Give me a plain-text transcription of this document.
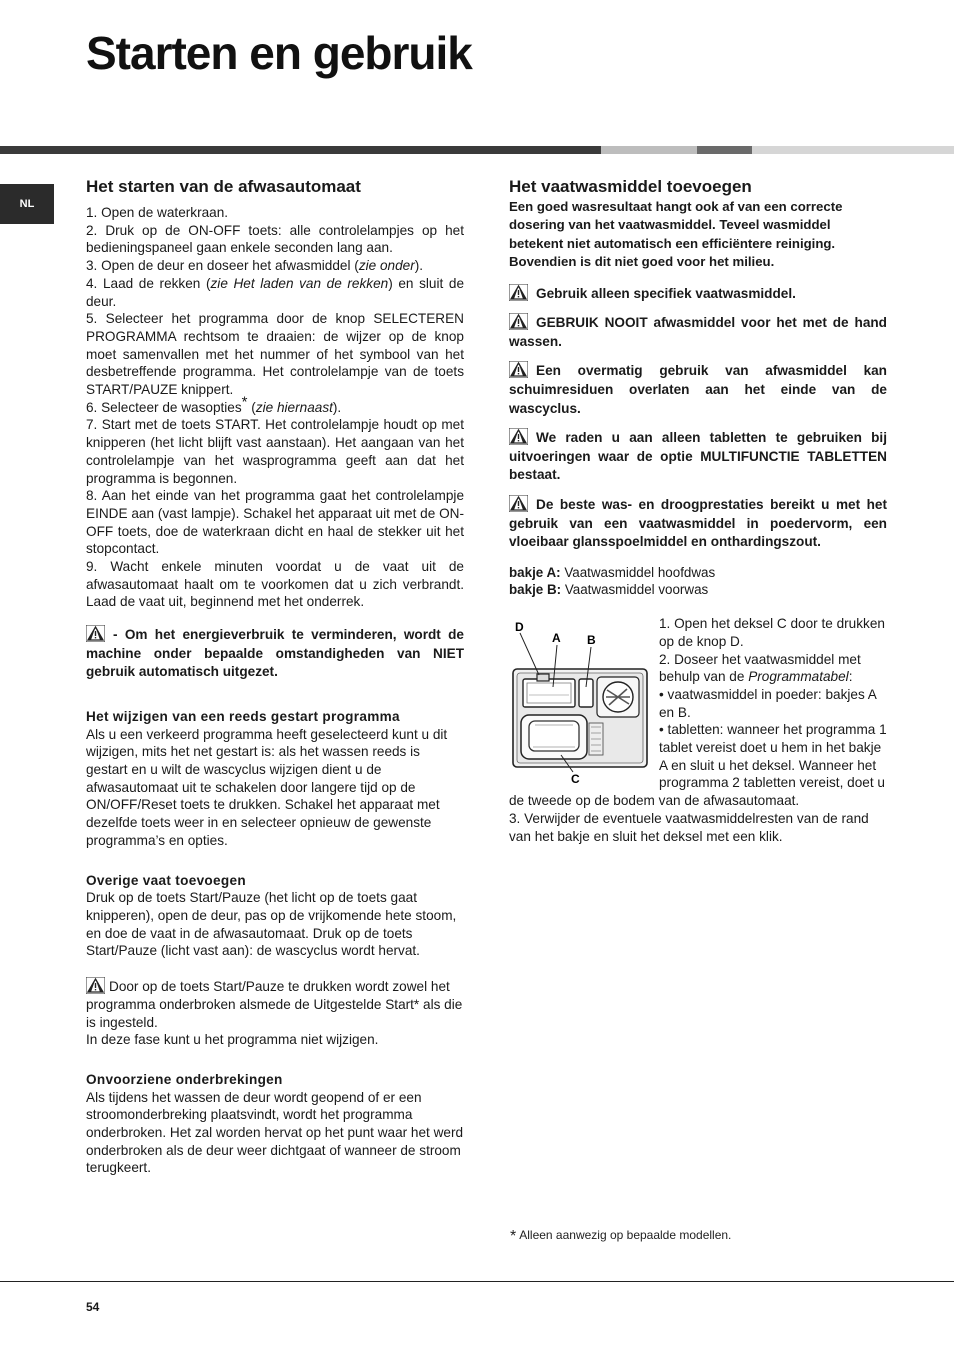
Starten en gebruik
NL
Het starten van de afwasautomaat

1. Open de waterkraan.

2. Druk op de ON-OFF toets: alle controlelampjes op het bedieningspaneel gaan enkele seconden lang aan.

3. Open de deur en doseer het afwasmiddel (zie onder).

4. Laad de rekken (zie Het laden van de rekken) en sluit de deur.

5. Selecteer het programma door de knop SELECTEREN PROGRAMMA rechtsom te draaien: de wijzer op de knop moet samenvallen met het nummer of het symbool van het desbetreffende programma. Het controlelampje van de toets START/PAUZE knippert.

6. Selecteer de wasopties* (zie hiernaast).

7. Start met de toets START. Het controlelampje houdt op met knipperen (het licht blijft vast aanstaan). Het aangaan van het controlelampje van het wasprogramma geeft aan dat het programma is begonnen.

8. Aan het einde van het programma gaat het controlelampje EINDE aan (vast lampje). Schakel het apparaat uit met de ON-OFF toets, doe de waterkraan dicht en haal de stekker uit het stopcontact.

9. Wacht enkele minuten voordat u de vaat uit de afwasautomaat haalt om te voorkomen dat u zich verbrandt. Laad de vaat uit, beginnend met het onderrek.

- Om het energieverbruik te verminderen, wordt de machine onder bepaalde omstandigheden van NIET gebruik automatisch uitgezet.

Het wijzigen van een reeds gestart programma

Als u een verkeerd programma heeft geselecteerd kunt u dit wijzigen, mits het net gestart is: als het wassen reeds is gestart en u wilt de wascyclus wijzigen dient u de afwasautomaat uit te schakelen door langere tijd op de ON/OFF/Reset toets te drukken. Schakel het apparaat met dezelfde toets weer in en selecteer opnieuw de gewenste programma’s en opties.

Overige vaat toevoegen

Druk op de toets Start/Pauze (het licht op de toets gaat knipperen), open de deur, pas op de vrijkomende hete stoom, en doe de vaat in de afwasautomaat. Druk op de toets Start/Pauze (licht vast aan): de wascyclus wordt hervat.

Door op de toets Start/Pauze te drukken wordt zowel het programma onderbroken alsmede de Uitgestelde Start* als die is ingesteld.

In deze fase kunt u het programma niet wijzigen.

Onvoorziene onderbrekingen

Als tijdens het wassen de deur wordt geopend of er een stroomonderbreking plaatsvindt, wordt het programma onderbroken. Het zal worden hervat op het punt waar het werd onderbroken als de deur weer dichtgaat of wanneer de stroom terugkeert.

Het vaatwasmiddel toevoegen

Een goed wasresultaat hangt ook af van een correcte dosering van het vaatwasmiddel. Teveel wasmiddel betekent niet automatisch een efficiëntere reiniging. Bovendien is dit niet goed voor het milieu.

Gebruik alleen specifiek vaatwasmiddel.

GEBRUIK NOOIT afwasmiddel voor het met de hand wassen.

Een overmatig gebruik van afwasmiddel kan schuimresiduen overlaten aan het einde van de wascyclus.

We raden u aan alleen tabletten te gebruiken bij uitvoeringen waar de optie MULTIFUNCTIE TABLETTEN bestaat.

De beste was- en droogprestaties bereikt u met het gebruik van een vaatwasmiddel in poedervorm, een vloeibaar glansspoelmiddel en onthardingszout.

bakje A: Vaatwasmiddel hoofdwas

bakje B: Vaatwasmiddel voorwas

D
A B
C

1. Open het deksel C door te drukken op de knop D.

2. Doseer het vaatwasmiddel met behulp van de Programmatabel:

• vaatwasmiddel in poeder: bakjes A en B.

• tabletten: wanneer het programma 1 tablet vereist doet u hem in het bakje A en sluit u het deksel. Wanneer het programma 2 tabletten vereist, doet u de tweede op de bodem van de afwasautomaat.

3. Verwijder de eventuele vaatwasmiddelresten van de rand van het bakje en sluit het deksel met een klik.

* Alleen aanwezig op bepaalde modellen.
54
